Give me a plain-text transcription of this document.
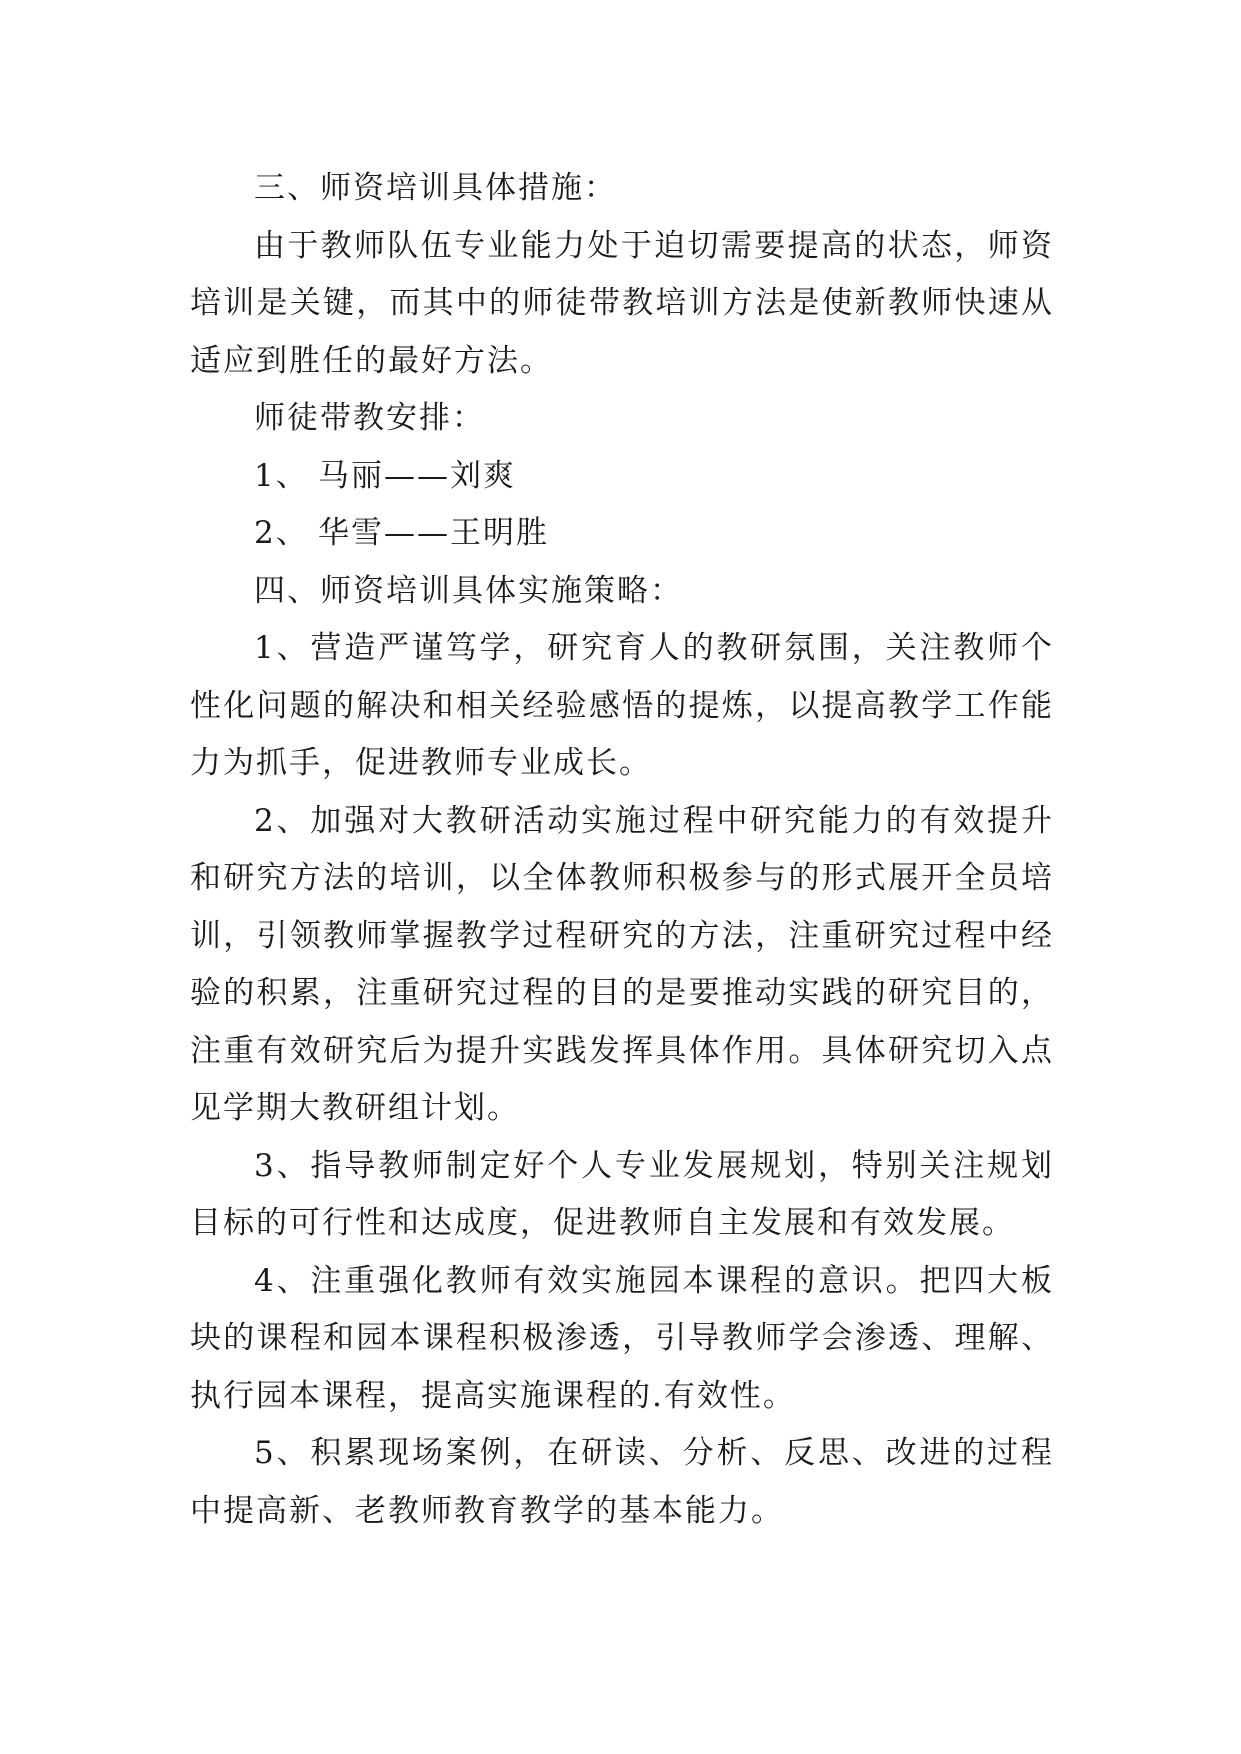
三、师资培训具体措施：

由于教师队伍专业能力处于迫切需要提高的状态，师资培训是关键，而其中的师徒带教培训方法是使新教师快速从适应到胜任的最好方法。

师徒带教安排：

1、 马丽——刘爽

2、 华雪——王明胜

四、师资培训具体实施策略：

1、营造严谨笃学，研究育人的教研氛围，关注教师个性化问题的解决和相关经验感悟的提炼，以提高教学工作能力为抓手，促进教师专业成长。

2、加强对大教研活动实施过程中研究能力的有效提升和研究方法的培训，以全体教师积极参与的形式展开全员培训，引领教师掌握教学过程研究的方法，注重研究过程中经验的积累，注重研究过程的目的是要推动实践的研究目的，注重有效研究后为提升实践发挥具体作用。具体研究切入点见学期大教研组计划。

3、指导教师制定好个人专业发展规划，特别关注规划目标的可行性和达成度，促进教师自主发展和有效发展。

4、注重强化教师有效实施园本课程的意识。把四大板块的课程和园本课程积极渗透，引导教师学会渗透、理解、执行园本课程，提高实施课程的.有效性。

5、积累现场案例，在研读、分析、反思、改进的过程中提高新、老教师教育教学的基本能力。
